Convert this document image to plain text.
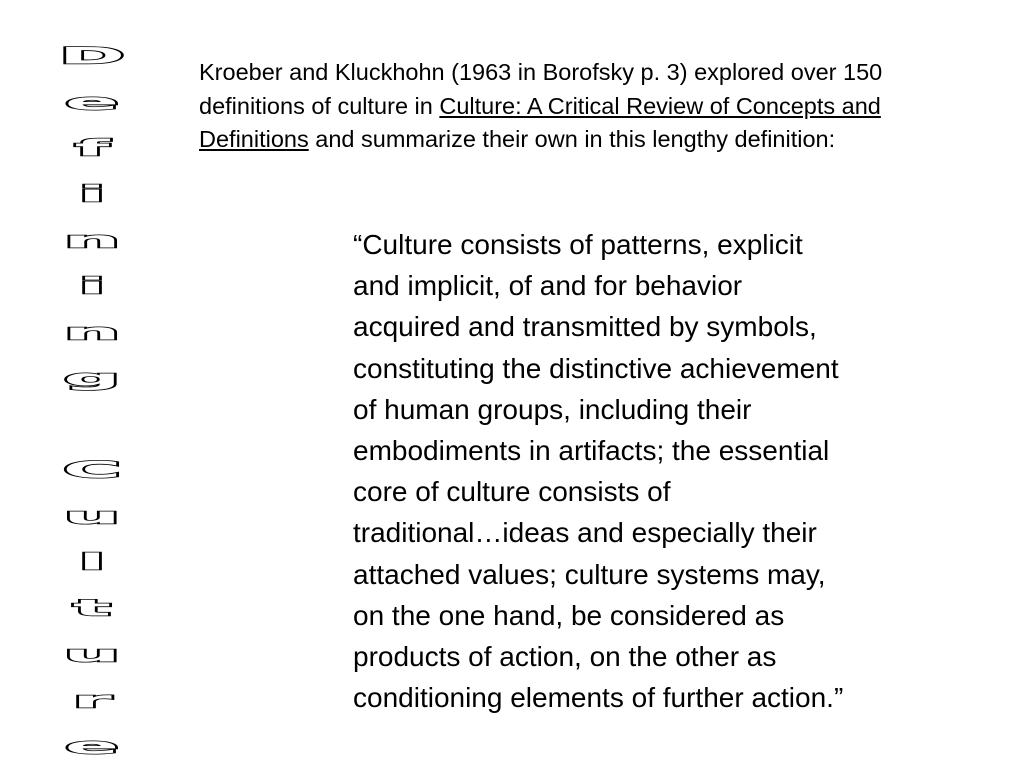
D
e
f
i
n
i
n
g
C
u
l
t
u
r
e

Kroeber and Kluckhohn (1963 in Borofsky p. 3) explored over 150 definitions of culture in Culture: A Critical Review of Concepts and Definitions and summarize their own in this lengthy definition:

“Culture consists of patterns, explicit
and implicit, of and for behavior
acquired and transmitted by symbols,
constituting the distinctive achievement
of human groups, including their
embodiments in artifacts; the essential
core of culture consists of
traditional…ideas and especially their
attached values; culture systems may,
on the one hand, be considered as
products of action, on the other as
conditioning elements of further action.”
